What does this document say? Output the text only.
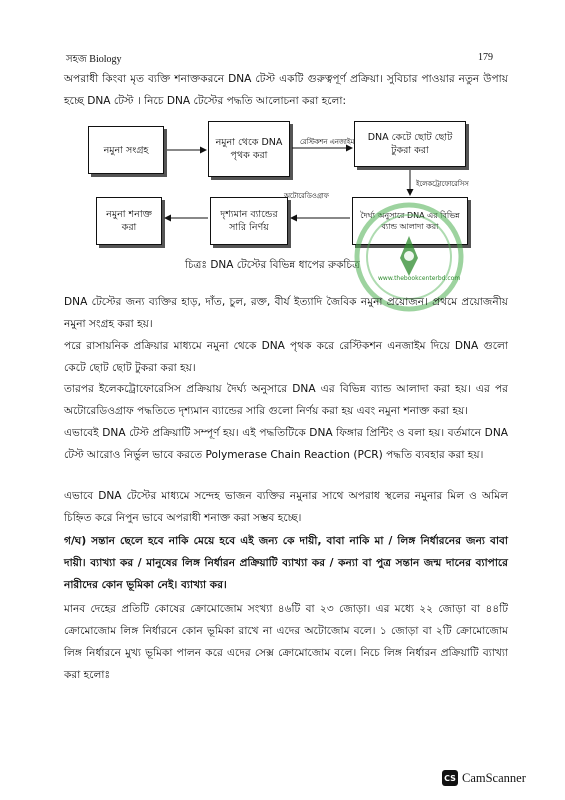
সহজ Biology	179
অপরাধী কিংবা মৃত ব্যক্তি শনাক্তকরনে DNA টেস্ট একটি গুরুত্বপূর্ণ প্রক্রিয়া। সুবিচার পাওয়ার নতুন উপায় হচ্ছে DNA টেস্ট । নিচে DNA টেস্টের পদ্ধতি আলোচনা করা হলো:
নমুনা সংগ্রহ
নমুনা থেকে DNA পৃথক করা
DNA কেটে ছোট ছোট টুকরা করা
দৈর্ঘ্য অনুসারে DNA এর বিভিন্ন ব্যান্ড আলাদা করা
দৃশ্যমান ব্যান্ডের সারি নির্ণয়
নমুনা শনাক্ত করা
রেস্টিকশন এনজাইম
ইলেকট্রোফোরেসিস
অটোরেডিওগ্রাফ
চিত্রঃ DNA টেস্টের বিভিন্ন ধাপের রুকচিত্র
www.thebookcenterbd.com
DNA টেস্টের জন্য ব্যক্তির হাড়, দাঁত, চুল, রক্ত, বীর্য ইত্যাদি জৈবিক নমুনা প্রয়োজন। প্রথমে প্রয়োজনীয় নমুনা সংগ্রহ করা হয়।
পরে রাসায়নিক প্রক্রিয়ার মাধ্যমে নমুনা থেকে DNA পৃথক করে রেস্টিকশন এনজাইম দিয়ে DNA গুলো কেটে ছোট ছোট টুকরা করা হয়।
তারপর ইলেকট্রোফোরেসিস প্রক্রিয়ায় দৈর্ঘ্য অনুসারে DNA এর বিভিন্ন ব্যান্ড আলাদা করা হয়। এর পর অটোরেডিওগ্রাফ পদ্ধতিতে দৃশ্যমান ব্যান্ডের সারি গুলো নির্ণয় করা হয় এবং নমুনা শনাক্ত করা হয়।
এভাবেই DNA টেস্ট প্রক্রিয়াটি সম্পূর্ণ হয়। এই পদ্ধতিটিকে DNA ফিঙ্গার প্রিন্টিং ও বলা হয়। বর্তমানে DNA টেস্ট আরোও নির্ভুল ভাবে করতে Polymerase Chain Reaction (PCR) পদ্ধতি ব্যবহার করা হয়।
এভাবে DNA টেস্টের মাধ্যমে সন্দেহ ভাজন ব্যক্তির নমুনার সাথে অপরাধ স্থলের নমুনার মিল ও অমিল চিহ্নিত করে নিপুন ভাবে অপরাধী শনাক্ত করা সম্ভব হচ্ছে।
গ/ঘ) সন্তান ছেলে হবে নাকি মেয়ে হবে এই জন্য কে দায়ী, বাবা নাকি মা / লিঙ্গ নির্ধারনের জন্য বাবা দায়ী। ব্যাখ্যা কর / মানুষের লিঙ্গ নির্ধারন প্রক্রিয়াটি ব্যাখ্যা কর / কন্যা বা পুত্র সন্তান জন্ম দানের ব্যাপারে নারীদের কোন ভূমিকা নেই। ব্যাখ্যা কর।
মানব দেহের প্রতিটি কোষের ক্রোমোজোম সংখ্যা ৪৬টি বা ২৩ জোড়া। এর মধ্যে ২২ জোড়া বা ৪৪টি ক্রোমোজোম লিঙ্গ নির্ধারনে কোন ভূমিকা রাখে না এদের অটোজোম বলে। ১ জোড়া বা ২টি ক্রোমোজোম লিঙ্গ নির্ধারনে মুখ্য ভূমিকা পালন করে এদের সেক্স ক্রোমোজোম বলে। নিচে লিঙ্গ নির্ধারন প্রক্রিয়াটি ব্যাখ্যা করা হলোঃ
CS CamScanner
